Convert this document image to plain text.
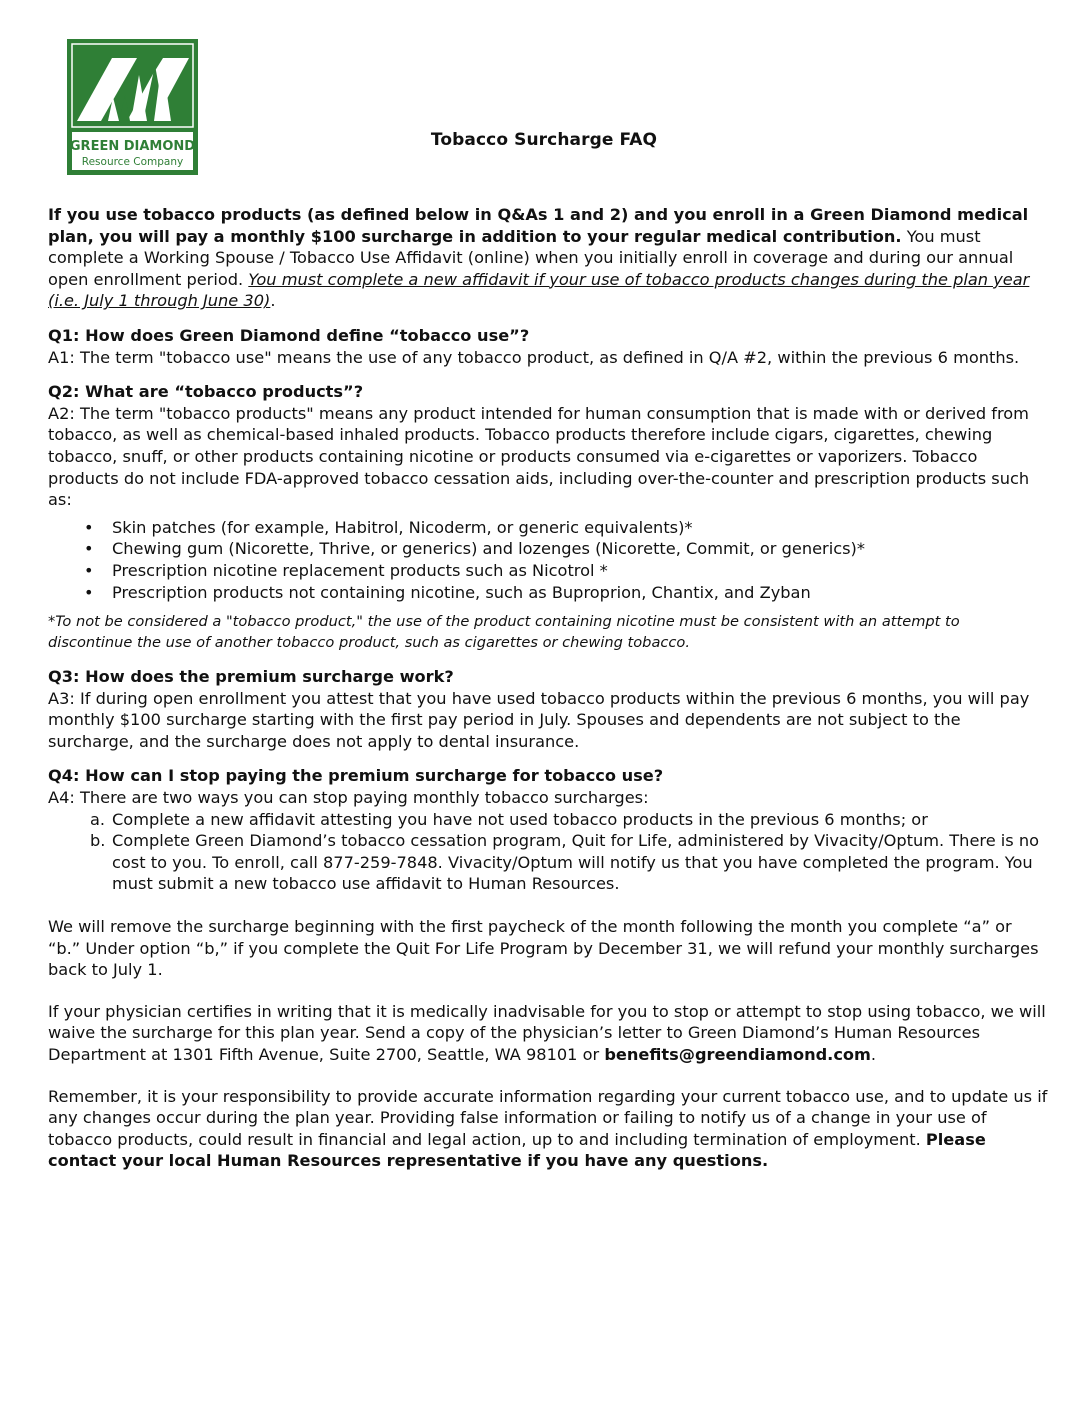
GREEN DIAMOND
Resource Company
Tobacco Surcharge FAQ

If you use tobacco products (as defined below in Q&As 1 and 2) and you enroll in a Green Diamond medical plan, you will pay a monthly $100 surcharge in addition to your regular medical contribution. You must complete a Working Spouse / Tobacco Use Affidavit (online) when you initially enroll in coverage and during our annual open enrollment period. You must complete a new affidavit if your use of tobacco products changes during the plan year (i.e. July 1 through June 30).

Q1: How does Green Diamond define “tobacco use”?

A1: The term "tobacco use" means the use of any tobacco product, as defined in Q/A #2, within the previous 6 months.

Q2: What are “tobacco products”?

A2: The term "tobacco products" means any product intended for human consumption that is made with or derived from tobacco, as well as chemical-based inhaled products. Tobacco products therefore include cigars, cigarettes, chewing tobacco, snuff, or other products containing nicotine or products consumed via e-cigarettes or vaporizers. Tobacco products do not include FDA-approved tobacco cessation aids, including over-the-counter and prescription products such as:

• Skin patches (for example, Habitrol, Nicoderm, or generic equivalents)*
• Chewing gum (Nicorette, Thrive, or generics) and lozenges (Nicorette, Commit, or generics)*
• Prescription nicotine replacement products such as Nicotrol *
• Prescription products not containing nicotine, such as Buproprion, Chantix, and Zyban

*To not be considered a "tobacco product," the use of the product containing nicotine must be consistent with an attempt to discontinue the use of another tobacco product, such as cigarettes or chewing tobacco.

Q3: How does the premium surcharge work?

A3: If during open enrollment you attest that you have used tobacco products within the previous 6 months, you will pay monthly $100 surcharge starting with the first pay period in July. Spouses and dependents are not subject to the surcharge, and the surcharge does not apply to dental insurance.

Q4: How can I stop paying the premium surcharge for tobacco use?

A4: There are two ways you can stop paying monthly tobacco surcharges:

a. Complete a new affidavit attesting you have not used tobacco products in the previous 6 months; or
b. Complete Green Diamond’s tobacco cessation program, Quit for Life, administered by Vivacity/Optum. There is no cost to you. To enroll, call 877-259-7848. Vivacity/Optum will notify us that you have completed the program. You must submit a new tobacco use affidavit to Human Resources.

We will remove the surcharge beginning with the first paycheck of the month following the month you complete “a” or “b.” Under option “b,” if you complete the Quit For Life Program by December 31, we will refund your monthly surcharges back to July 1.

If your physician certifies in writing that it is medically inadvisable for you to stop or attempt to stop using tobacco, we will waive the surcharge for this plan year. Send a copy of the physician’s letter to Green Diamond’s Human Resources Department at 1301 Fifth Avenue, Suite 2700, Seattle, WA 98101 or benefits@greendiamond.com.

Remember, it is your responsibility to provide accurate information regarding your current tobacco use, and to update us if any changes occur during the plan year. Providing false information or failing to notify us of a change in your use of tobacco products, could result in financial and legal action, up to and including termination of employment. Please contact your local Human Resources representative if you have any questions.
